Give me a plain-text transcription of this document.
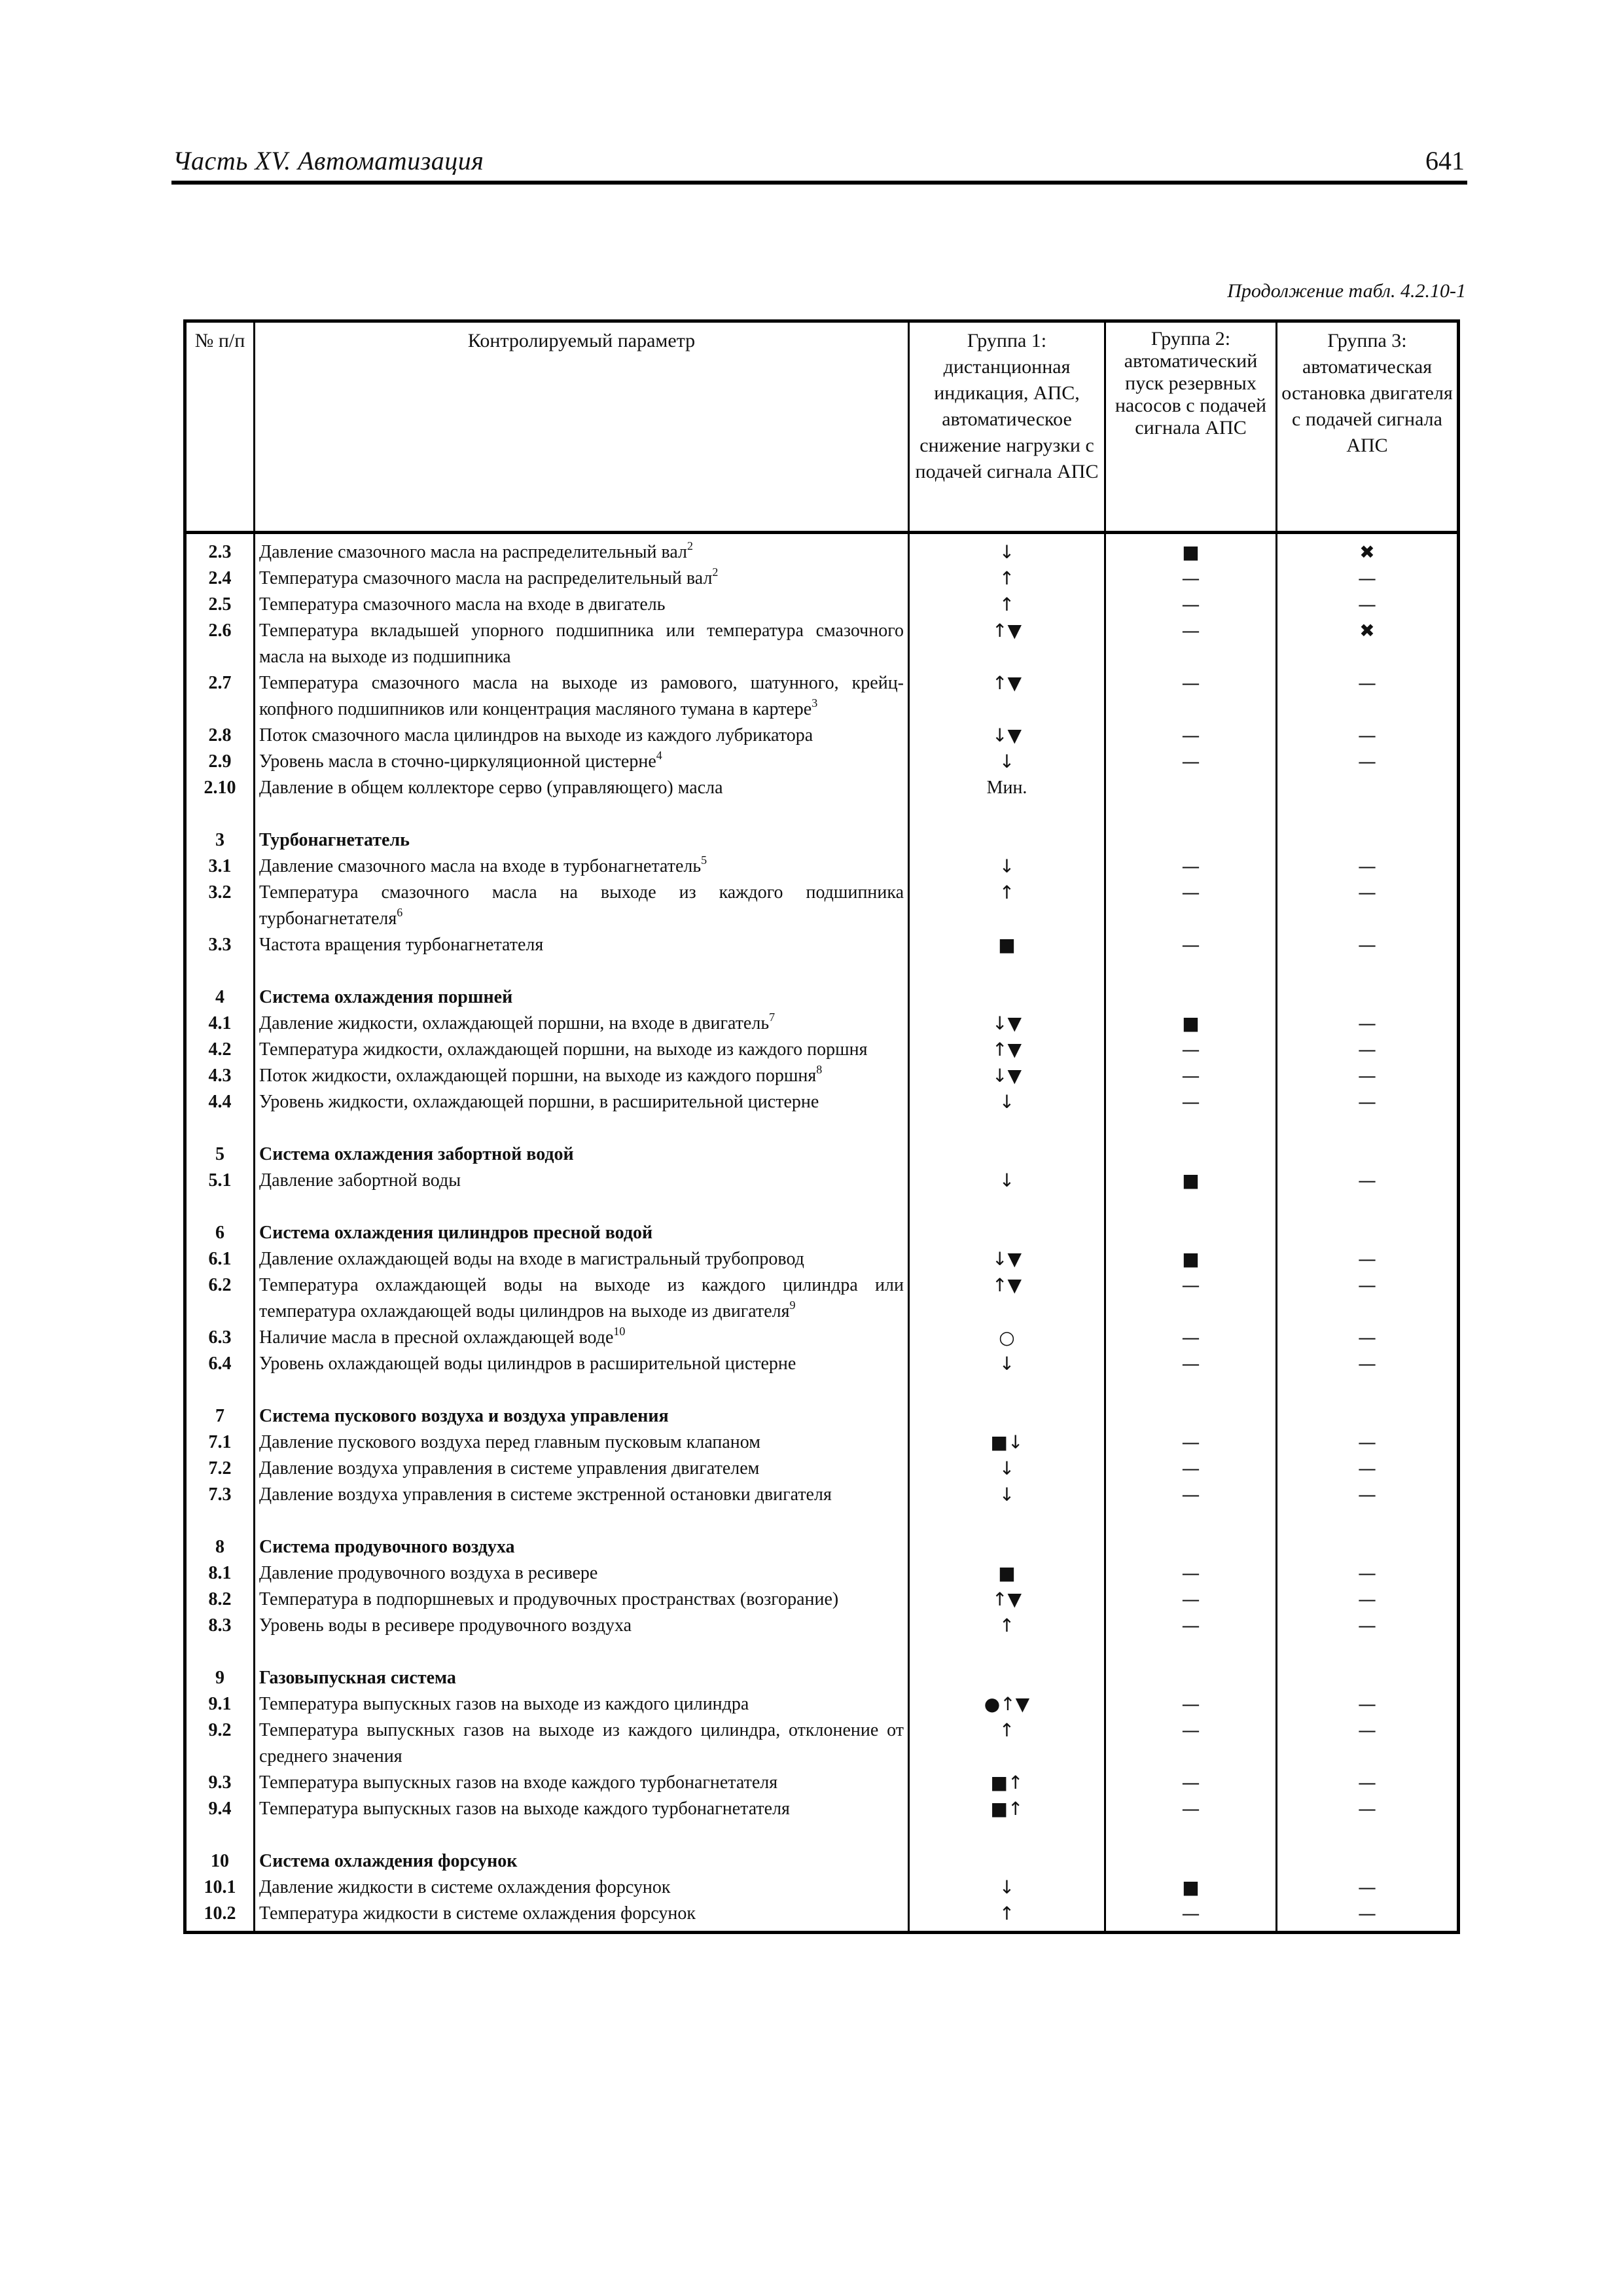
Часть XV. Автоматизация	641
Продолжение табл. 4.2.10-1
№ п/п	Контролируемый параметр	Группа 1: дистанционная индикация, АПС, автоматическое снижение нагрузки с подачей сигнала АПС	Группа 2: автоматический пуск резервных насосов с подачей сигнала АПС	Группа 3: автоматическая остановка двигателя с подачей сигнала АПС
2.3	Давление смазочного масла на распределительный вал$^2$	↓	■	✖
2.4	Температура смазочного масла на распределительный вал$^2$	↑	—	—
2.5	Температура смазочного масла на входе в двигатель	↑	—	—
2.6	Температура вкладышей упорного подшипника или температура смазочного масла на выходе из подшипника	↑▼	—	✖
2.7	Температура смазочного масла на выходе из рамового, шатунного, крейц-копфного подшипников или концентрация масляного тумана в картере$^3$	↑▼	—	—
2.8	Поток смазочного масла цилиндров на выходе из каждого лубрикатора	↓▼	—	—
2.9	Уровень масла в сточно-циркуляционной цистерне$^4$	↓	—	—
2.10	Давление в общем коллекторе серво (управляющего) масла	Мин.		

3	Турбонагнетатель			
3.1	Давление смазочного масла на входе в турбонагнетатель$^5$	↓	—	—
3.2	Температура смазочного масла на выходе из каждого подшипника турбонагнетателя$^6$	↑	—	—
3.3	Частота вращения турбонагнетателя	■	—	—

4	Система охлаждения поршней			
4.1	Давление жидкости, охлаждающей поршни, на входе в двигатель$^7$	↓▼	■	—
4.2	Температура жидкости, охлаждающей поршни, на выходе из каждого поршня	↑▼	—	—
4.3	Поток жидкости, охлаждающей поршни, на выходе из каждого поршня$^8$	↓▼	—	—
4.4	Уровень жидкости, охлаждающей поршни, в расширительной цистерне	↓	—	—

5	Система охлаждения забортной водой			
5.1	Давление забортной воды	↓	■	—

6	Система охлаждения цилиндров пресной водой			
6.1	Давление охлаждающей воды на входе в магистральный трубопровод	↓▼	■	—
6.2	Температура охлаждающей воды на выходе из каждого цилиндра или температура охлаждающей воды цилиндров на выходе из двигателя$^9$	↑▼	—	—
6.3	Наличие масла в пресной охлаждающей воде$^{10}$	○	—	—
6.4	Уровень охлаждающей воды цилиндров в расширительной цистерне	↓	—	—

7	Система пускового воздуха и воздуха управления			
7.1	Давление пускового воздуха перед главным пусковым клапаном	■↓	—	—
7.2	Давление воздуха управления в системе управления двигателем	↓	—	—
7.3	Давление воздуха управления в системе экстренной остановки двигателя	↓	—	—

8	Система продувочного воздуха			
8.1	Давление продувочного воздуха в ресивере	■	—	—
8.2	Температура в подпоршневых и продувочных пространствах (возгорание)	↑▼	—	—
8.3	Уровень воды в ресивере продувочного воздуха	↑	—	—

9	Газовыпускная система			
9.1	Температура выпускных газов на выходе из каждого цилиндра	●↑▼	—	—
9.2	Температура выпускных газов на выходе из каждого цилиндра, отклонение от среднего значения	↑	—	—
9.3	Температура выпускных газов на входе каждого турбонагнетателя	■↑	—	—
9.4	Температура выпускных газов на выходе каждого турбонагнетателя	■↑	—	—

10	Система охлаждения форсунок			
10.1	Давление жидкости в системе охлаждения форсунок	↓	■	—
10.2	Температура жидкости в системе охлаждения форсунок	↑	—	—
